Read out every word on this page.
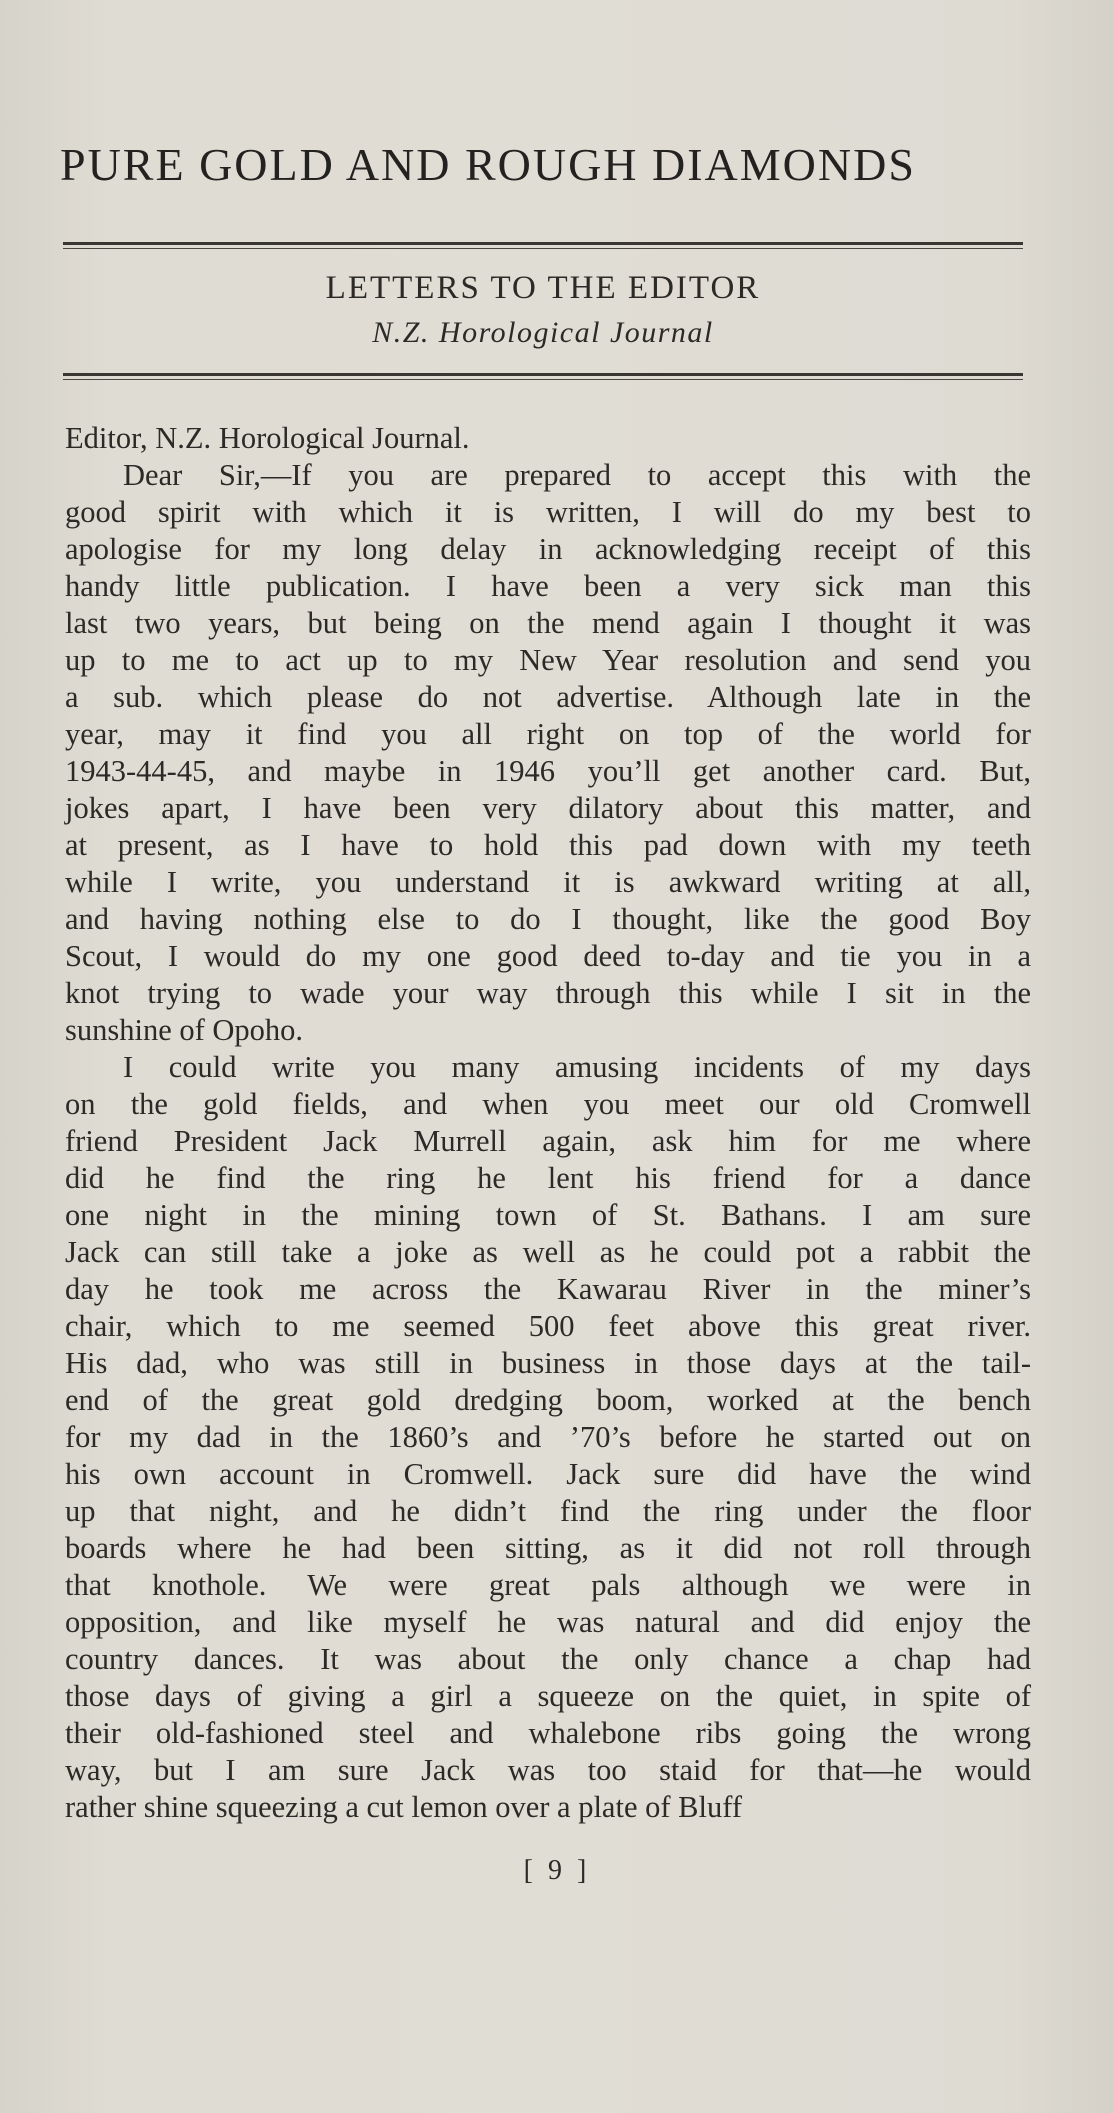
PURE GOLD AND ROUGH DIAMONDS
LETTERS TO THE EDITOR
N.Z. Horological Journal

Editor, N.Z. Horological Journal.

Dear Sir,—If you are prepared to accept this with the
good spirit with which it is written, I will do my best to
apologise for my long delay in acknowledging receipt of this
handy little publication. I have been a very sick man this
last two years, but being on the mend again I thought it was
up to me to act up to my New Year resolution and send you
a sub. which please do not advertise. Although late in the
year, may it find you all right on top of the world for
1943-44-45, and maybe in 1946 you’ll get another card. But,
jokes apart, I have been very dilatory about this matter, and
at present, as I have to hold this pad down with my teeth
while I write, you understand it is awkward writing at all,
and having nothing else to do I thought, like the good Boy
Scout, I would do my one good deed to-day and tie you in a
knot trying to wade your way through this while I sit in the
sunshine of Opoho.

I could write you many amusing incidents of my days
on the gold fields, and when you meet our old Cromwell
friend President Jack Murrell again, ask him for me where
did he find the ring he lent his friend for a dance
one night in the mining town of St. Bathans. I am sure
Jack can still take a joke as well as he could pot a rabbit the
day he took me across the Kawarau River in the miner’s
chair, which to me seemed 500 feet above this great river.
His dad, who was still in business in those days at the tail-
end of the great gold dredging boom, worked at the bench
for my dad in the 1860’s and ’70’s before he started out on
his own account in Cromwell. Jack sure did have the wind
up that night, and he didn’t find the ring under the floor
boards where he had been sitting, as it did not roll through
that knothole. We were great pals although we were in
opposition, and like myself he was natural and did enjoy the
country dances. It was about the only chance a chap had
those days of giving a girl a squeeze on the quiet, in spite of
their old-fashioned steel and whalebone ribs going the wrong
way, but I am sure Jack was too staid for that—he would
rather shine squeezing a cut lemon over a plate of Bluff

[ 9 ]
